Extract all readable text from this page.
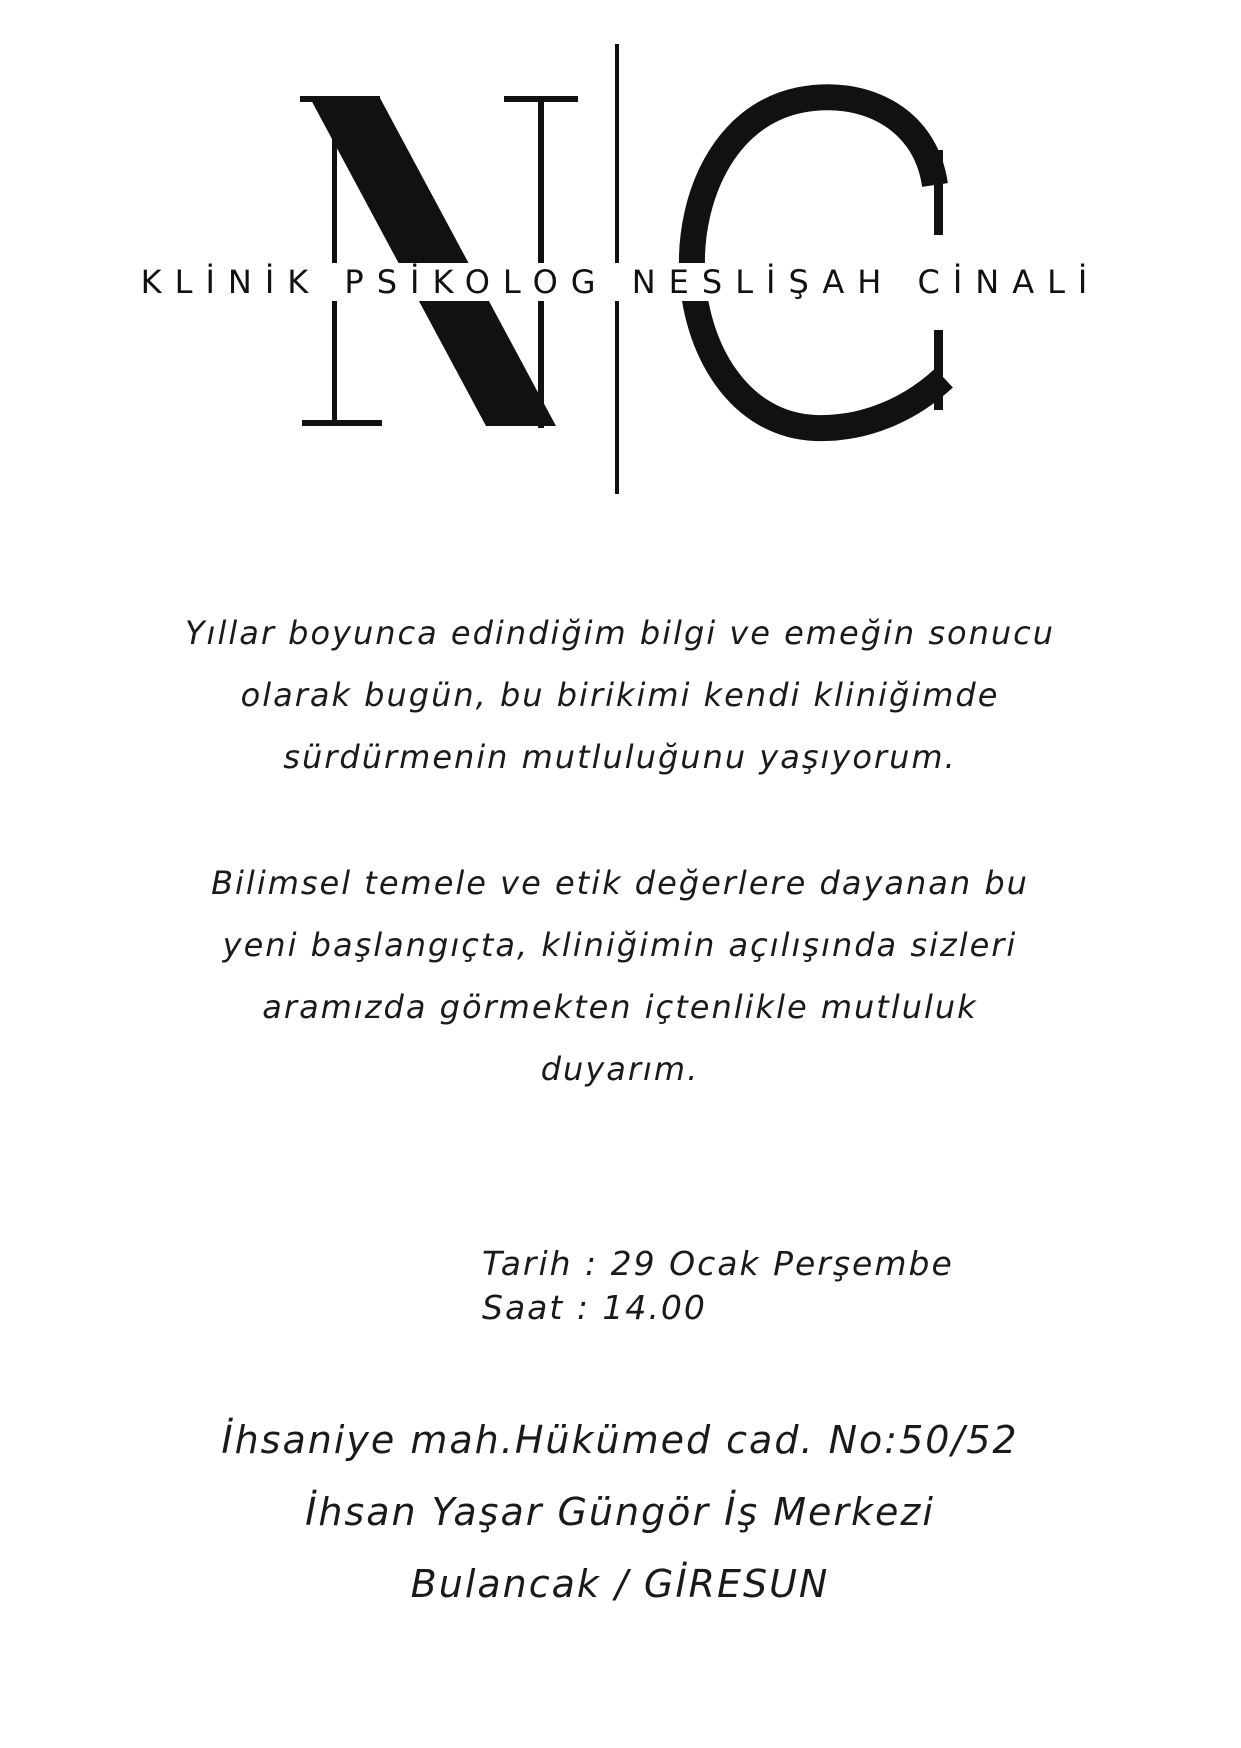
KLİNİK PSİKOLOG NESLİŞAH CİNALİ
Yıllar boyunca edindiğim bilgi ve emeğin sonucu
olarak bugün, bu birikimi kendi kliniğimde
sürdürmenin mutluluğunu yaşıyorum.
Bilimsel temele ve etik değerlere dayanan bu
yeni başlangıçta, kliniğimin açılışında sizleri
aramızda görmekten içtenlikle mutluluk
duyarım.
Tarih : 29 Ocak Perşembe
Saat : 14.00
İhsaniye mah.Hükümed cad. No:50/52
İhsan Yaşar Güngör İş Merkezi
Bulancak / GİRESUN
